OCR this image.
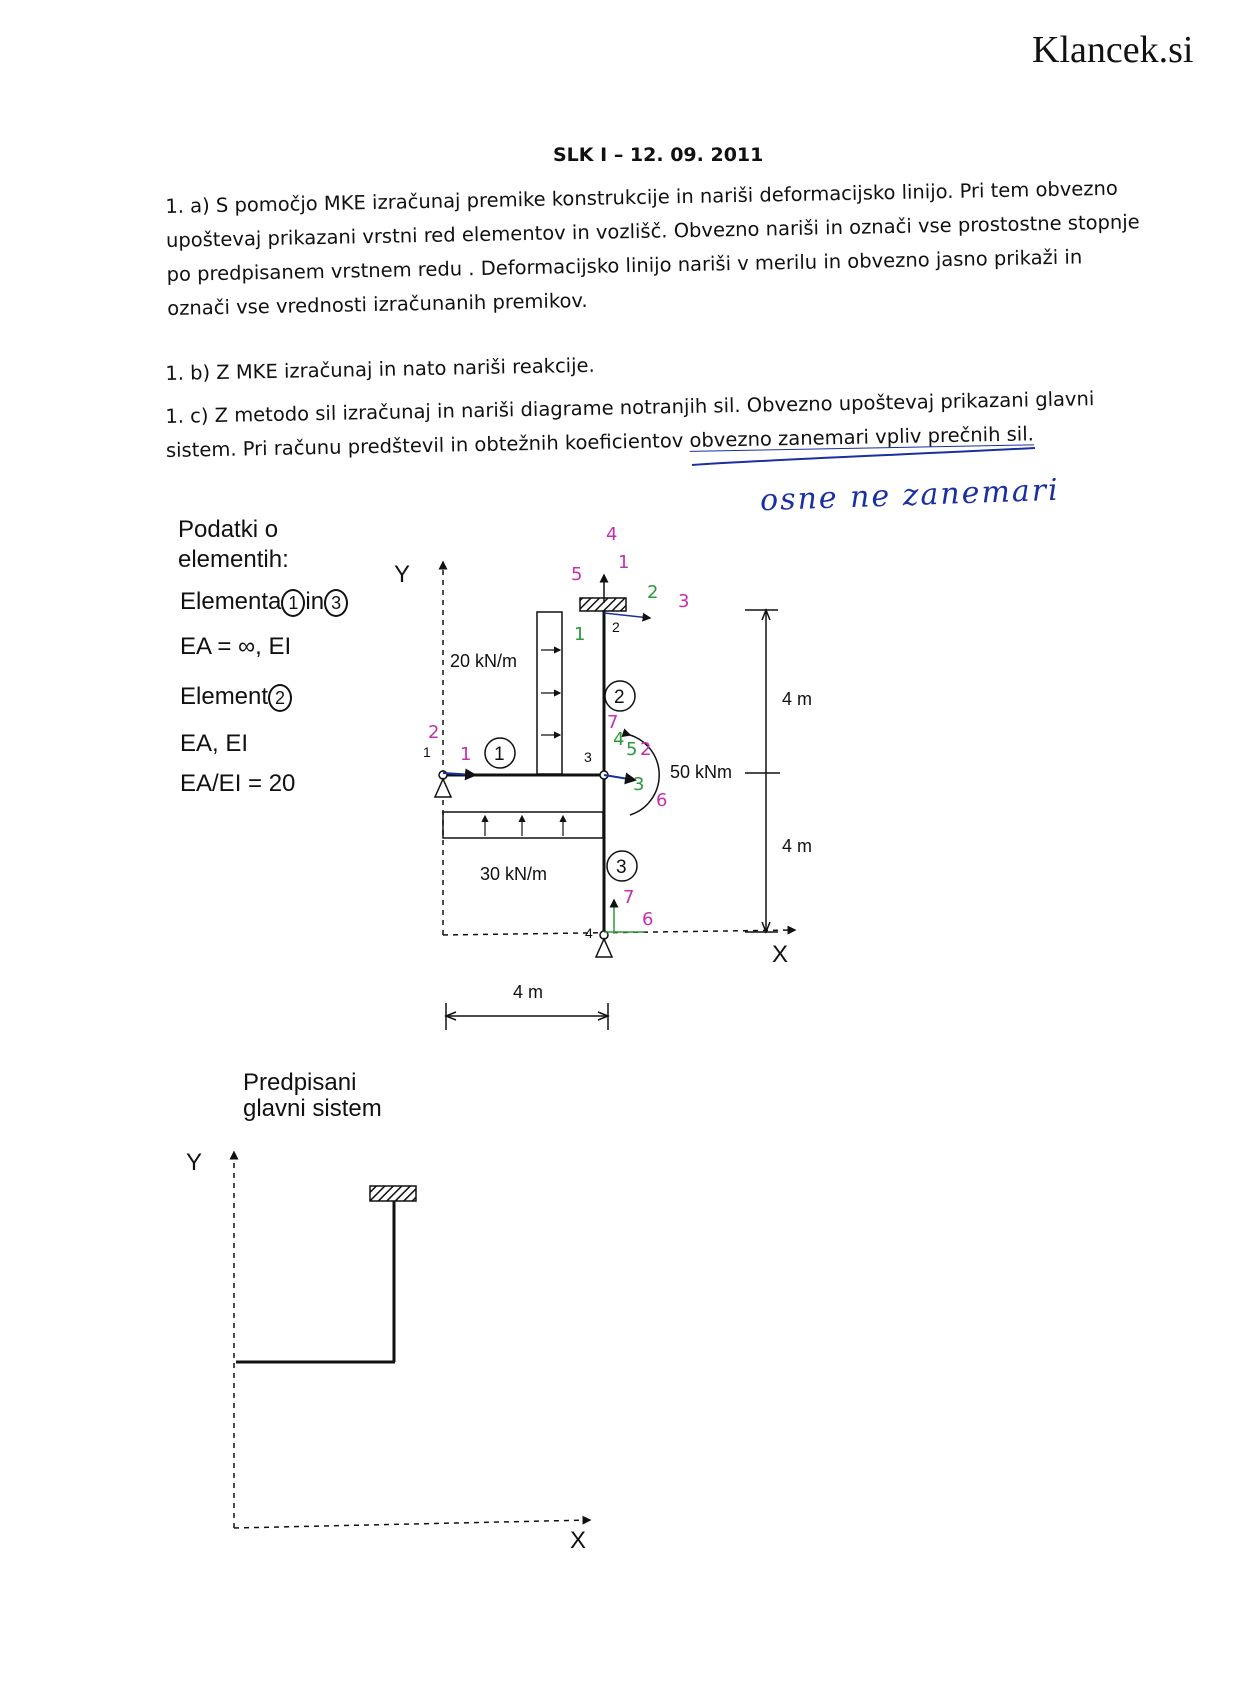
Klancek.si
SLK I – 12. 09. 2011
1. a) S pomočjo MKE izračunaj premike konstrukcije in nariši deformacijsko linijo. Pri tem obvezno
upoštevaj prikazani vrstni red elementov in vozlišč. Obvezno nariši in označi vse prostostne stopnje
po predpisanem vrstnem redu . Deformacijsko linijo nariši v merilu in obvezno jasno prikaži in
označi vse vrednosti izračunanih premikov.
1. b) Z MKE izračunaj in nato nariši reakcije.
1. c) Z metodo sil izračunaj in nariši diagrame notranjih sil. Obvezno upoštevaj prikazani glavni
sistem. Pri računu predštevil in obtežnih koeficientov obvezno zanemari vpliv prečnih sil.
osne ne zanemari
Podatki o
elementih:
Elementa 1 in 3
EA = ∞, EI
Element 2
EA, EI
EA/EI = 20
Y
X
20 kN/m
30 kN/m
1
2
3
4
1
2
3
50 kNm
4 m
4 m
4 m
4
5
1
2 3
1
2
1
7
4 5 2
3
6
7
6
Y
X
Predpisani
glavni sistem
